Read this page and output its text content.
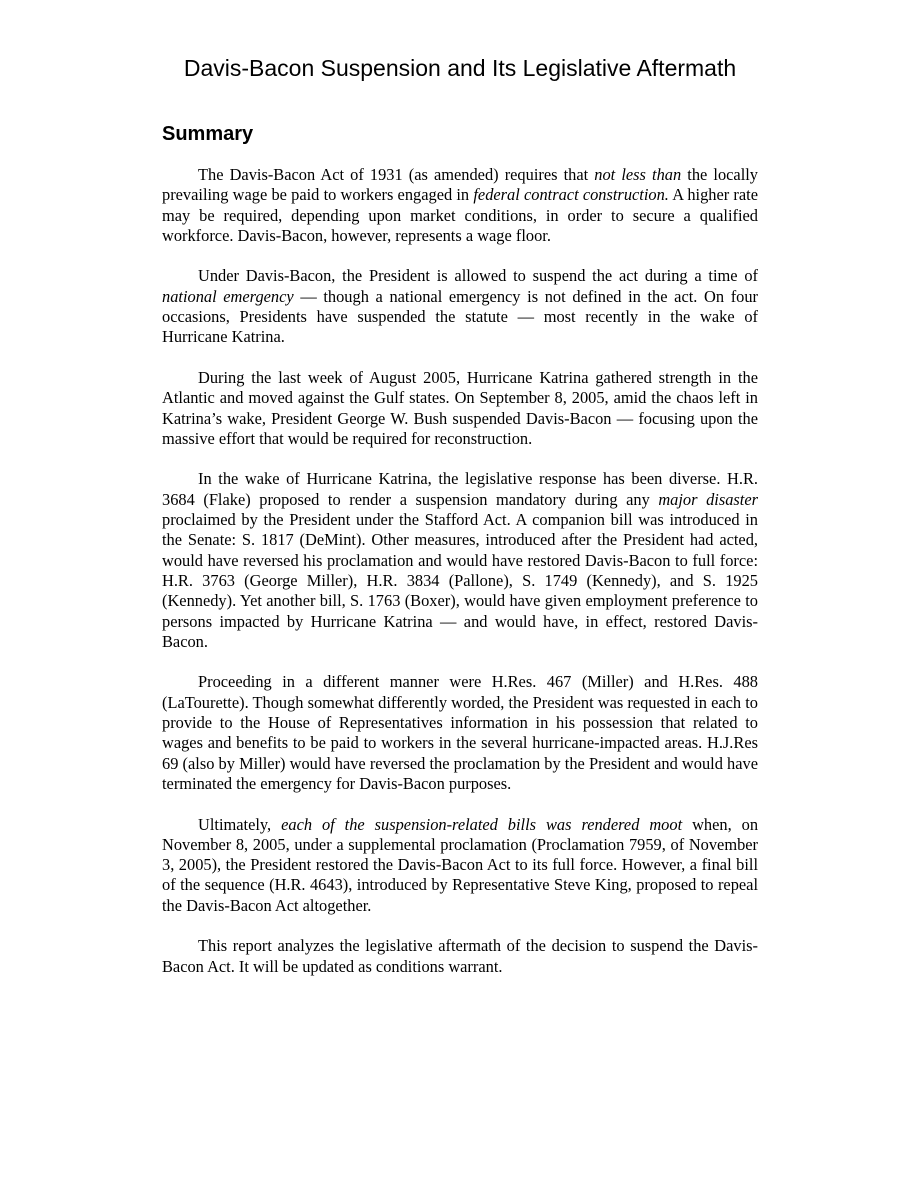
Davis-Bacon Suspension and Its Legislative Aftermath
Summary

The Davis-Bacon Act of 1931 (as amended) requires that not less than the locally prevailing wage be paid to workers engaged in federal contract construction. A higher rate may be required, depending upon market conditions, in order to secure a qualified workforce. Davis-Bacon, however, represents a wage floor.

Under Davis-Bacon, the President is allowed to suspend the act during a time of national emergency — though a national emergency is not defined in the act. On four occasions, Presidents have suspended the statute — most recently in the wake of Hurricane Katrina.

During the last week of August 2005, Hurricane Katrina gathered strength in the Atlantic and moved against the Gulf states. On September 8, 2005, amid the chaos left in Katrina’s wake, President George W. Bush suspended Davis-Bacon — focusing upon the massive effort that would be required for reconstruction.

In the wake of Hurricane Katrina, the legislative response has been diverse. H.R. 3684 (Flake) proposed to render a suspension mandatory during any major disaster proclaimed by the President under the Stafford Act. A companion bill was introduced in the Senate: S. 1817 (DeMint). Other measures, introduced after the President had acted, would have reversed his proclamation and would have restored Davis-Bacon to full force: H.R. 3763 (George Miller), H.R. 3834 (Pallone), S. 1749 (Kennedy), and S. 1925 (Kennedy). Yet another bill, S. 1763 (Boxer), would have given employment preference to persons impacted by Hurricane Katrina — and would have, in effect, restored Davis-Bacon.

Proceeding in a different manner were H.Res. 467 (Miller) and H.Res. 488 (LaTourette). Though somewhat differently worded, the President was requested in each to provide to the House of Representatives information in his possession that related to wages and benefits to be paid to workers in the several hurricane-impacted areas. H.J.Res 69 (also by Miller) would have reversed the proclamation by the President and would have terminated the emergency for Davis-Bacon purposes.

Ultimately, each of the suspension-related bills was rendered moot when, on November 8, 2005, under a supplemental proclamation (Proclamation 7959, of November 3, 2005), the President restored the Davis-Bacon Act to its full force. However, a final bill of the sequence (H.R. 4643), introduced by Representative Steve King, proposed to repeal the Davis-Bacon Act altogether.

This report analyzes the legislative aftermath of the decision to suspend the Davis-Bacon Act. It will be updated as conditions warrant.
